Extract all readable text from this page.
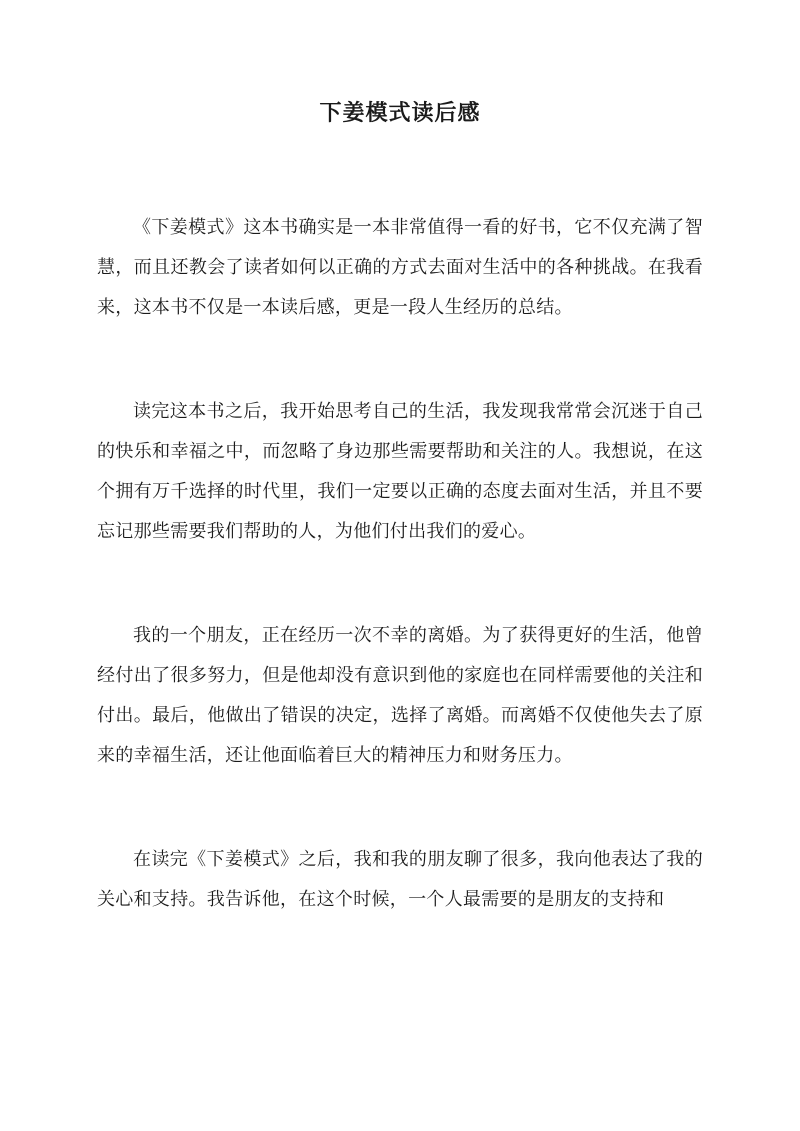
下姜模式读后感

《下姜模式》这本书确实是一本非常值得一看的好书，它不仅充满了智慧，而且还教会了读者如何以正确的方式去面对生活中的各种挑战。在我看来，这本书不仅是一本读后感，更是一段人生经历的总结。

读完这本书之后，我开始思考自己的生活，我发现我常常会沉迷于自己的快乐和幸福之中，而忽略了身边那些需要帮助和关注的人。我想说，在这个拥有万千选择的时代里，我们一定要以正确的态度去面对生活，并且不要忘记那些需要我们帮助的人，为他们付出我们的爱心。

我的一个朋友，正在经历一次不幸的离婚。为了获得更好的生活，他曾经付出了很多努力，但是他却没有意识到他的家庭也在同样需要他的关注和付出。最后，他做出了错误的决定，选择了离婚。而离婚不仅使他失去了原来的幸福生活，还让他面临着巨大的精神压力和财务压力。

在读完《下姜模式》之后，我和我的朋友聊了很多，我向他表达了我的关心和支持。我告诉他，在这个时候，一个人最需要的是朋友的支持和
